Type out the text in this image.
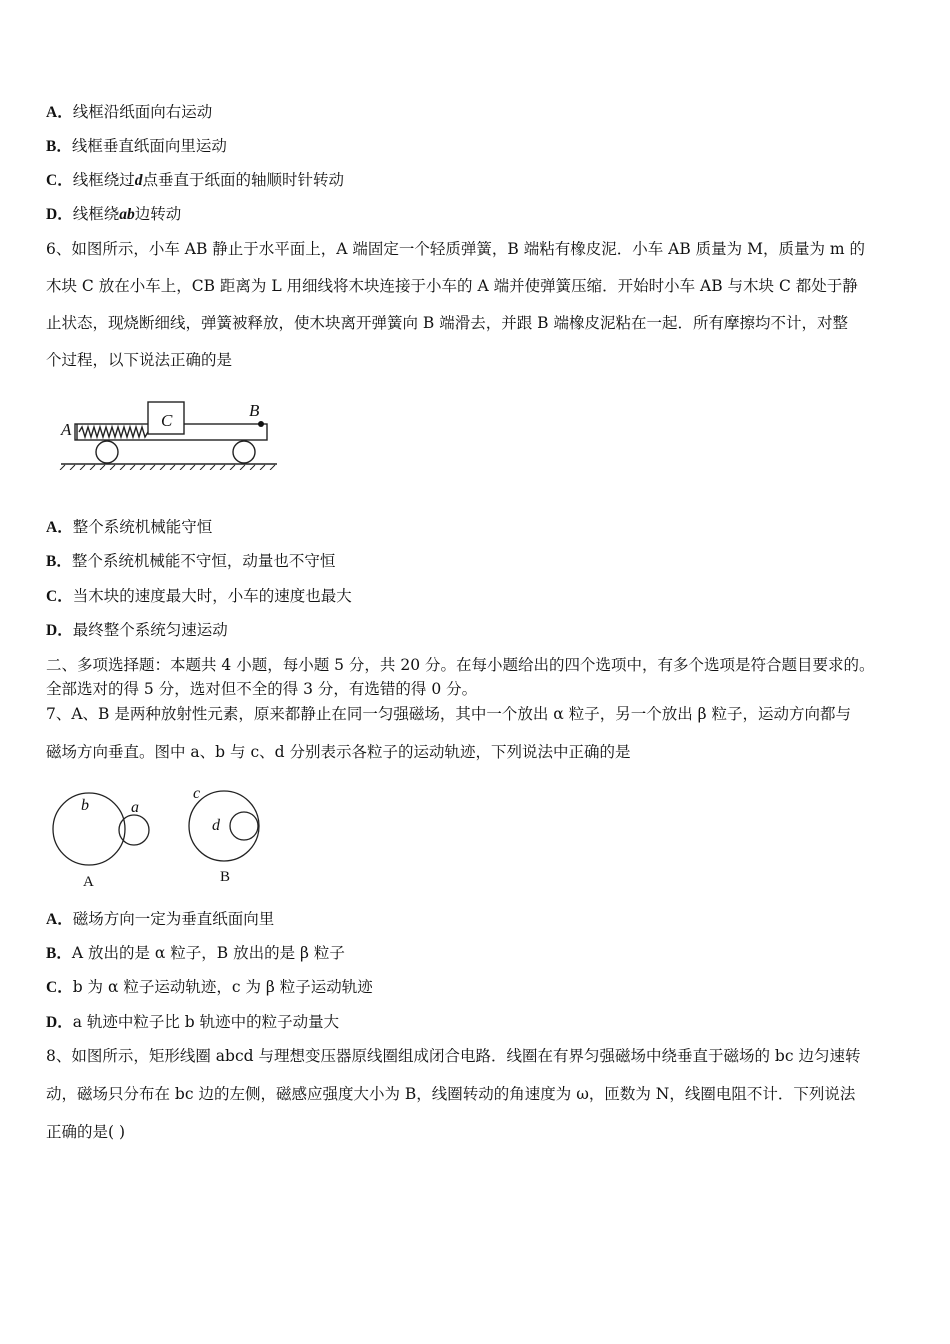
A．线框沿纸面向右运动
B．线框垂直纸面向里运动
C．线框绕过d点垂直于纸面的轴顺时针转动
D．线框绕ab边转动
6、如图所示，小车 AB 静止于水平面上，A 端固定一个轻质弹簧，B 端粘有橡皮泥．小车 AB 质量为 M，质量为 m 的
木块 C 放在小车上，CB 距离为 L 用细线将木块连接于小车的 A 端并使弹簧压缩．开始时小车 AB 与木块 C 都处于静
止状态，现烧断细线，弹簧被释放，使木块离开弹簧向 B 端滑去，并跟 B 端橡皮泥粘在一起．所有摩擦均不计，对整
个过程，以下说法正确的是
A	C
B
A．整个系统机械能守恒
B．整个系统机械能不守恒，动量也不守恒
C．当木块的速度最大时，小车的速度也最大
D．最终整个系统匀速运动
二、多项选择题：本题共 4 小题，每小题 5 分，共 20 分。在每小题给出的四个选项中，有多个选项是符合题目要求的。
全部选对的得 5 分，选对但不全的得 3 分，有选错的得 0 分。
7、A、B 是两种放射性元素，原来都静止在同一匀强磁场，其中一个放出 α 粒子，另一个放出 β 粒子，运动方向都与
磁场方向垂直。图中 a、b 与 c、d 分别表示各粒子的运动轨迹，下列说法中正确的是
b	a
c
d
A	B
A．磁场方向一定为垂直纸面向里
B．A 放出的是 α 粒子，B 放出的是 β 粒子
C．b 为 α 粒子运动轨迹，c 为 β 粒子运动轨迹
D．a 轨迹中粒子比 b 轨迹中的粒子动量大
8、如图所示，矩形线圈 abcd 与理想变压器原线圈组成闭合电路．线圈在有界匀强磁场中绕垂直于磁场的 bc 边匀速转
动，磁场只分布在 bc 边的左侧，磁感应强度大小为 B，线圈转动的角速度为 ω，匝数为 N，线圈电阻不计．下列说法
正确的是( )
